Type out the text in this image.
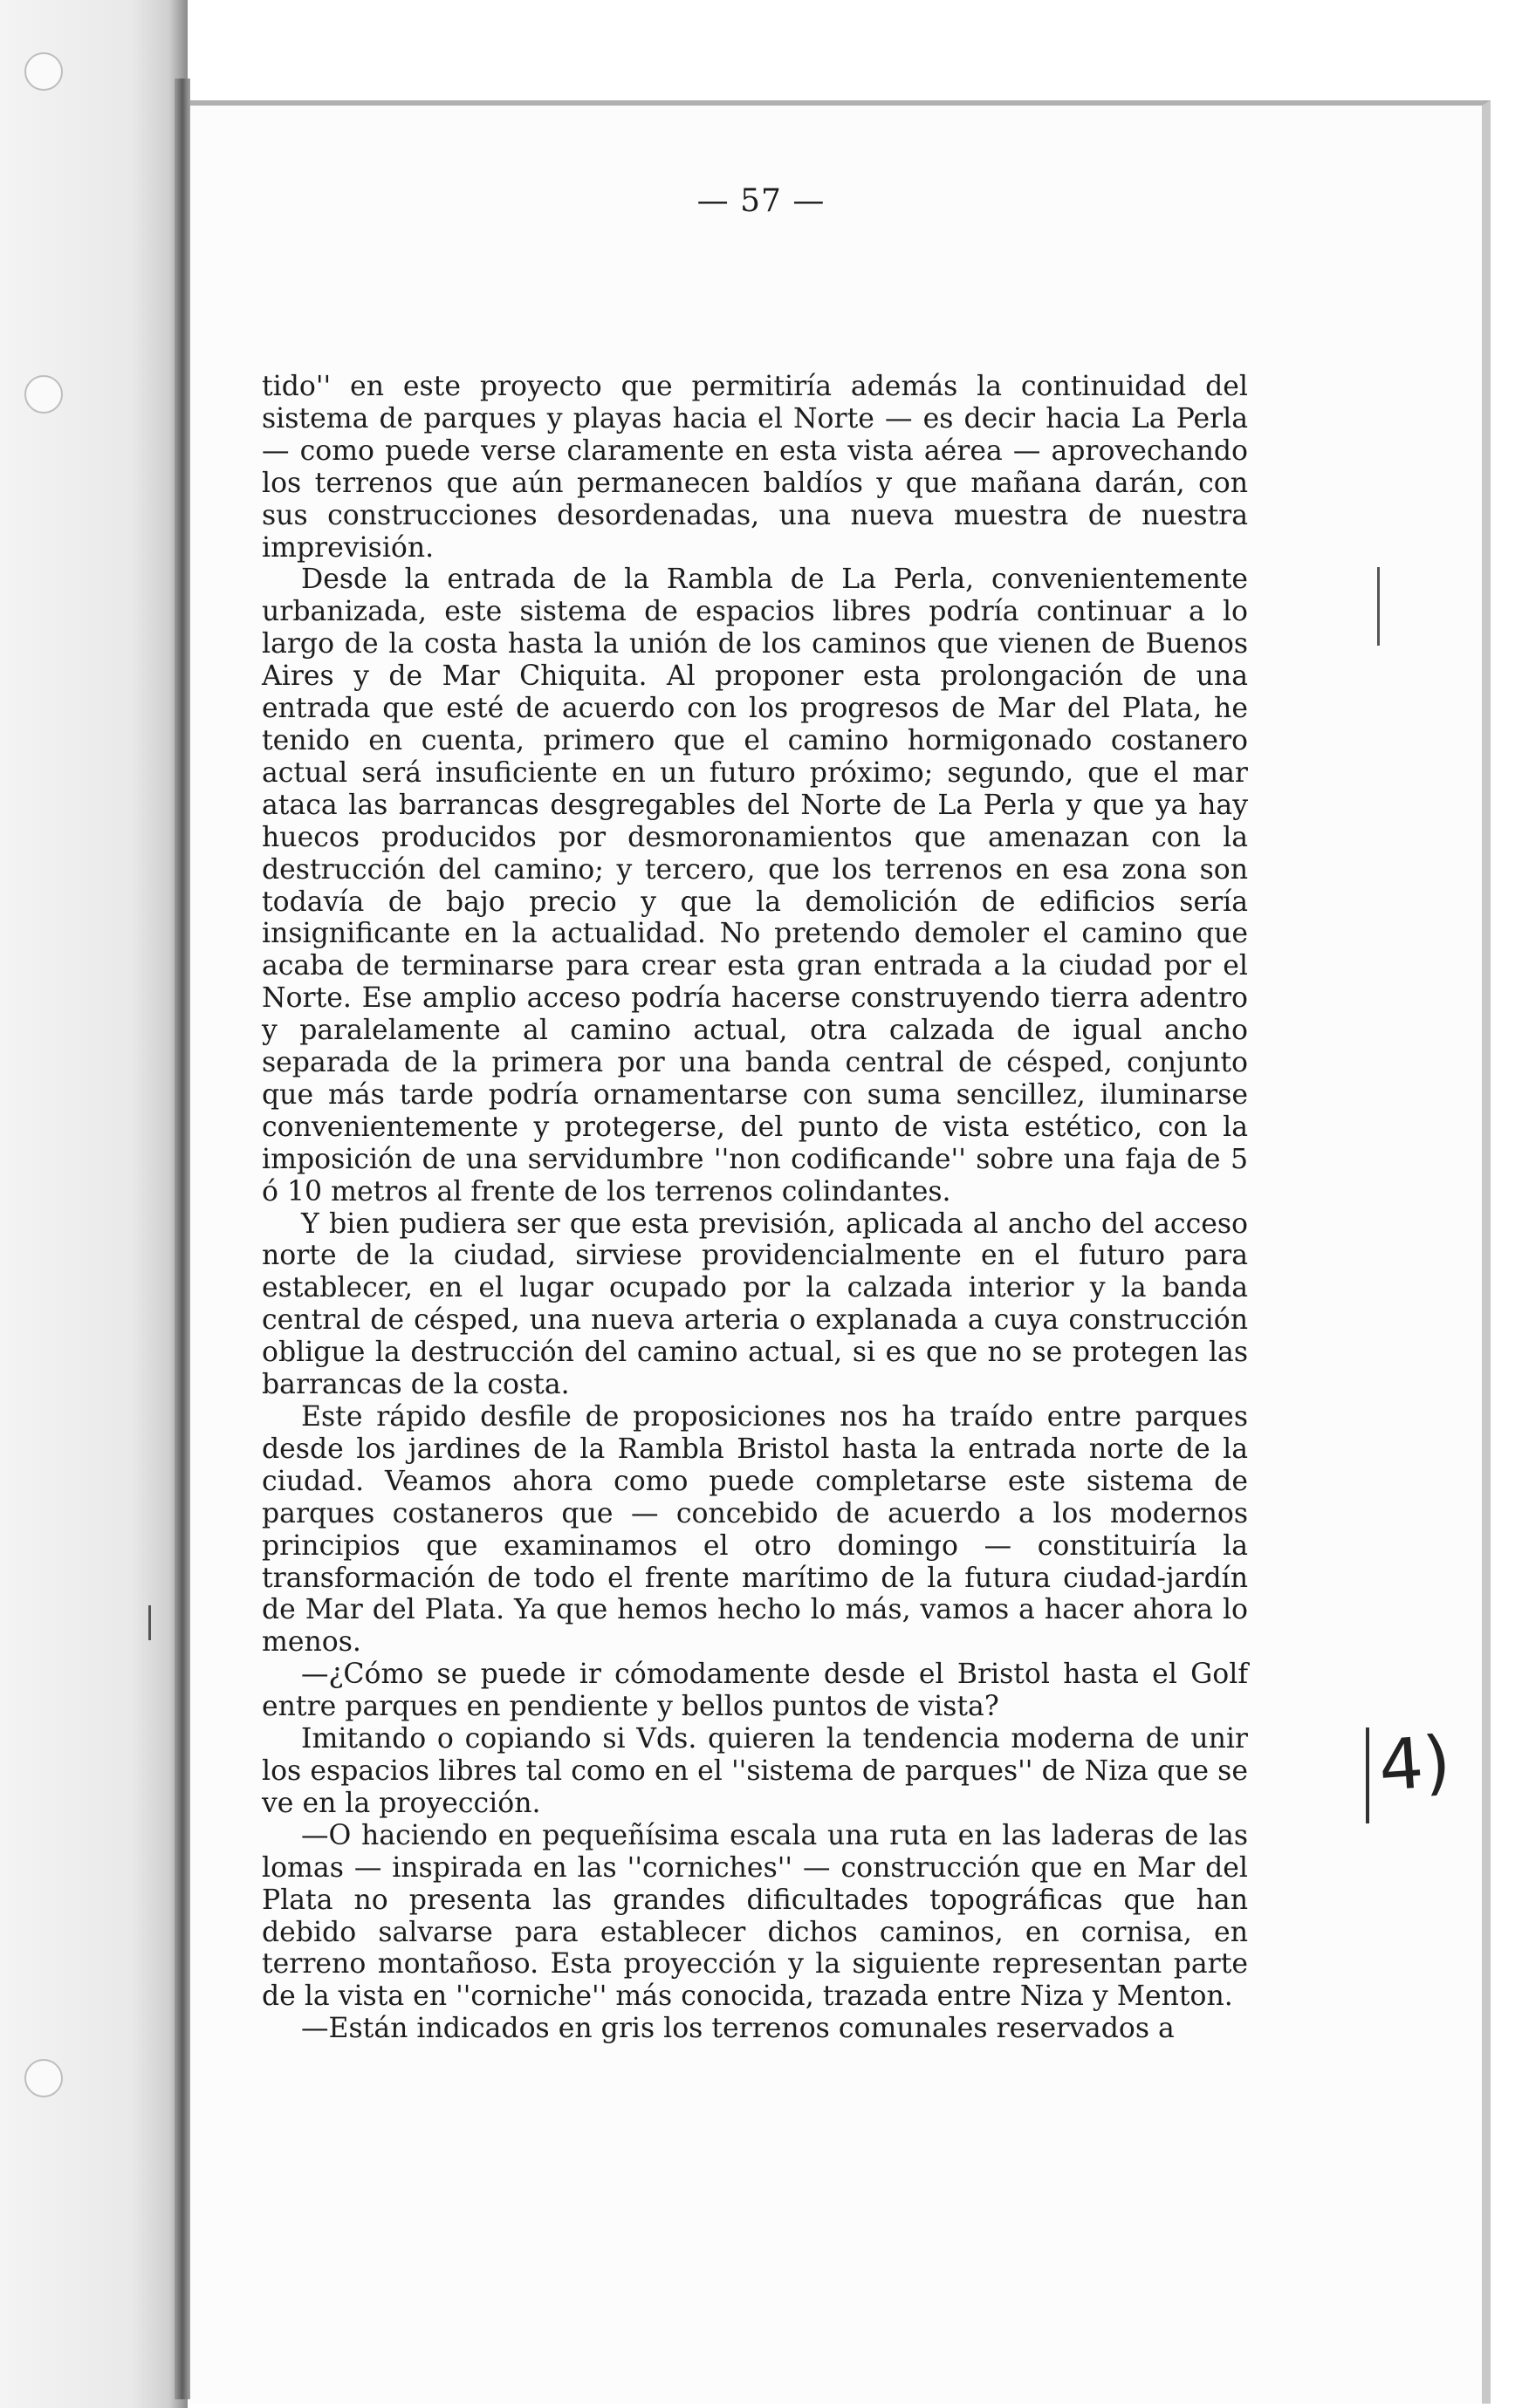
— 57 —

tido'' en este proyecto que permitiría además la continuidad del sistema de parques y playas hacia el Norte — es decir hacia La Perla — como puede verse claramente en esta vista aérea — aprovechando los terrenos que aún permanecen baldíos y que mañana darán, con sus construcciones desordenadas, una nueva muestra de nuestra imprevisión.

Desde la entrada de la Rambla de La Perla, convenientemente urbanizada, este sistema de espacios libres podría continuar a lo largo de la costa hasta la unión de los caminos que vienen de Buenos Aires y de Mar Chiquita. Al proponer esta prolongación de una entrada que esté de acuerdo con los progresos de Mar del Plata, he tenido en cuenta, primero que el camino hormigonado costanero actual será insuficiente en un futuro próximo; segundo, que el mar ataca las barrancas desgregables del Norte de La Perla y que ya hay huecos producidos por desmoronamientos que amenazan con la destrucción del camino; y tercero, que los terrenos en esa zona son todavía de bajo precio y que la demolición de edificios sería insignificante en la actualidad. No pretendo demoler el camino que acaba de terminarse para crear esta gran entrada a la ciudad por el Norte. Ese amplio acceso podría hacerse construyendo tierra adentro y paralelamente al camino actual, otra calzada de igual ancho separada de la primera por una banda central de césped, conjunto que más tarde podría ornamentarse con suma sencillez, iluminarse convenientemente y protegerse, del punto de vista estético, con la imposición de una servidumbre ''non codificande'' sobre una faja de 5 ó 10 metros al frente de los terrenos colindantes.

Y bien pudiera ser que esta previsión, aplicada al ancho del acceso norte de la ciudad, sirviese providencialmente en el futuro para establecer, en el lugar ocupado por la calzada interior y la banda central de césped, una nueva arteria o explanada a cuya construcción obligue la destrucción del camino actual, si es que no se protegen las barrancas de la costa.

Este rápido desfile de proposiciones nos ha traído entre parques desde los jardines de la Rambla Bristol hasta la entrada norte de la ciudad. Veamos ahora como puede completarse este sistema de parques costaneros que — concebido de acuerdo a los modernos principios que examinamos el otro domingo — constituiría la transformación de todo el frente marítimo de la futura ciudad-jardín de Mar del Plata. Ya que hemos hecho lo más, vamos a hacer ahora lo menos.

—¿Cómo se puede ir cómodamente desde el Bristol hasta el Golf entre parques en pendiente y bellos puntos de vista?

Imitando o copiando si Vds. quieren la tendencia moderna de unir los espacios libres tal como en el ''sistema de parques'' de Niza que se ve en la proyección.

—O haciendo en pequeñísima escala una ruta en las laderas de las lomas — inspirada en las ''corniches'' — construcción que en Mar del Plata no presenta las grandes dificultades topográficas que han debido salvarse para establecer dichos caminos, en cornisa, en terreno montañoso. Esta proyección y la siguiente representan parte de la vista en ''corniche'' más conocida, trazada entre Niza y Menton.

—Están indicados en gris los terrenos comunales reservados a

4)
